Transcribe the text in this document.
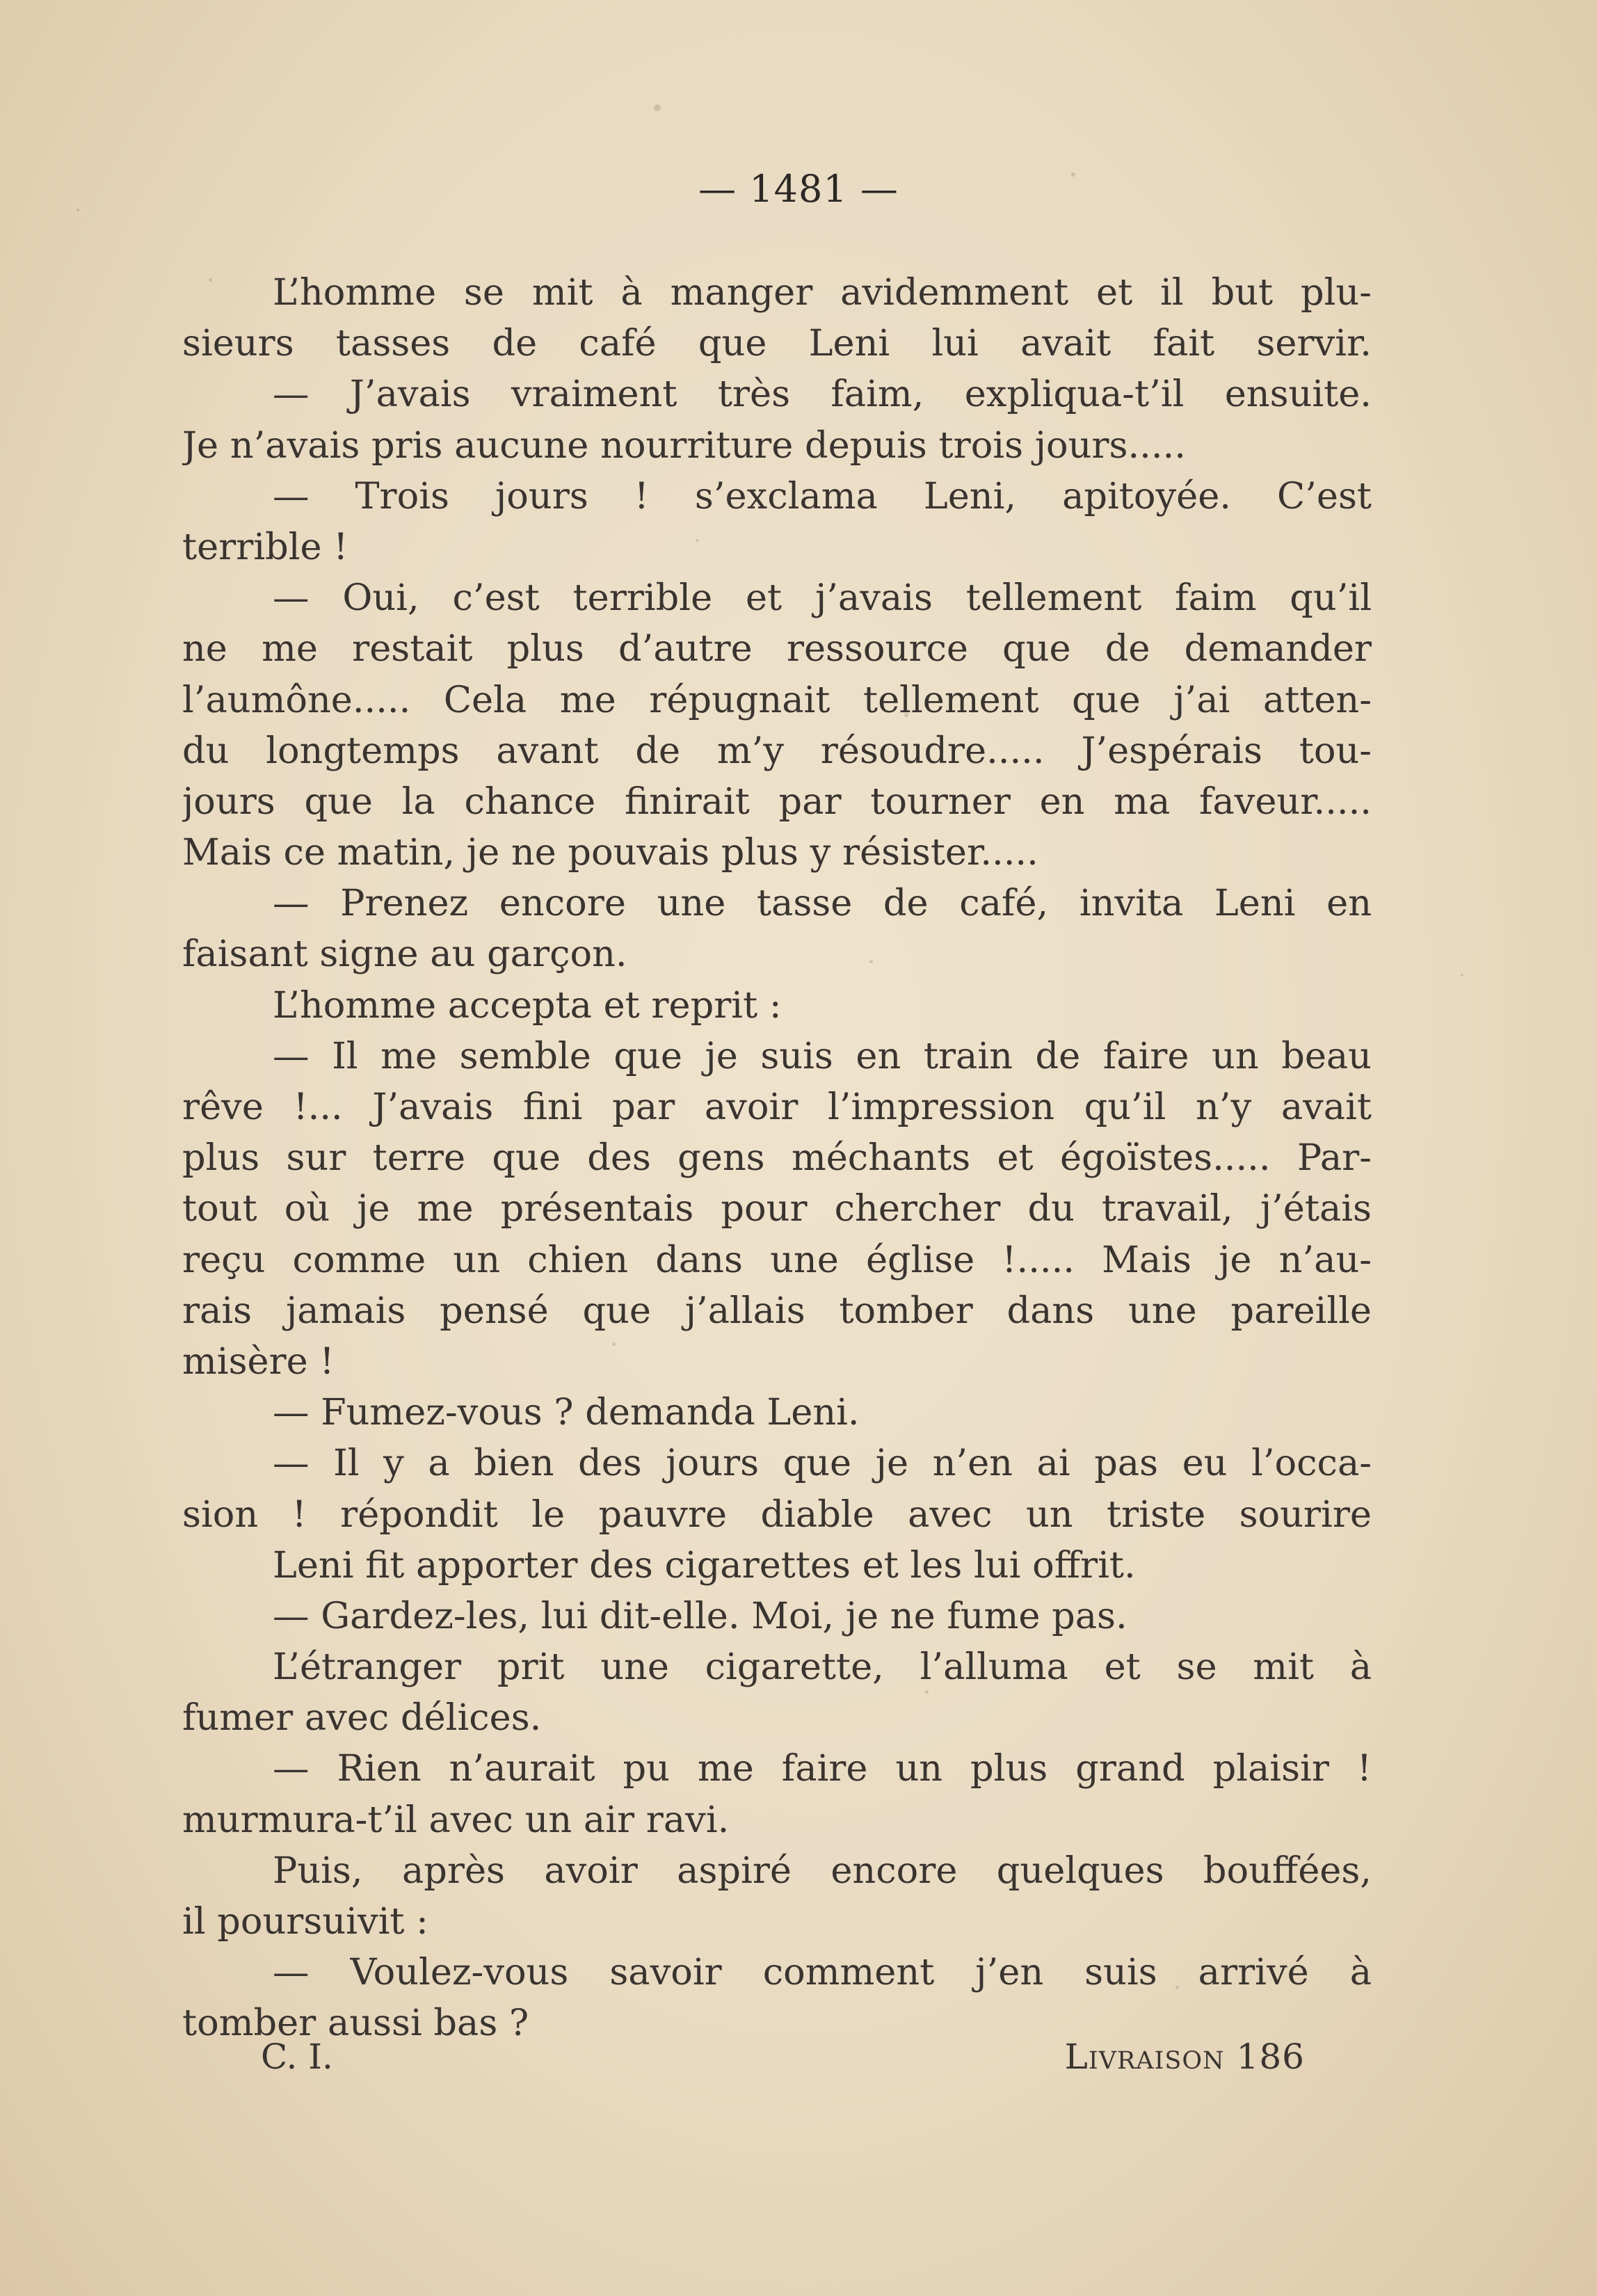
— 1481 —
L’homme se mit à manger avidemment et il but plu-
sieurs tasses de café que Leni lui avait fait servir.
— J’avais vraiment très faim, expliqua-t’il ensuite.
Je n’avais pris aucune nourriture depuis trois jours.....
— Trois jours ! s’exclama Leni, apitoyée. C’est
terrible !
— Oui, c’est terrible et j’avais tellement faim qu’il
ne me restait plus d’autre ressource que de demander
l’aumône..... Cela me répugnait tellement que j’ai atten-
du longtemps avant de m’y résoudre..... J’espérais tou-
jours que la chance finirait par tourner en ma faveur.....
Mais ce matin, je ne pouvais plus y résister.....
— Prenez encore une tasse de café, invita Leni en
faisant signe au garçon.
L’homme accepta et reprit :
— Il me semble que je suis en train de faire un beau
rêve !... J’avais fini par avoir l’impression qu’il n’y avait
plus sur terre que des gens méchants et égoïstes..... Par-
tout où je me présentais pour chercher du travail, j’étais
reçu comme un chien dans une église !..... Mais je n’au-
rais jamais pensé que j’allais tomber dans une pareille
misère !
— Fumez-vous ? demanda Leni.
— Il y a bien des jours que je n’en ai pas eu l’occa-
sion ! répondit le pauvre diable avec un triste sourire
Leni fit apporter des cigarettes et les lui offrit.
— Gardez-les, lui dit-elle. Moi, je ne fume pas.
L’étranger prit une cigarette, l’alluma et se mit à
fumer avec délices.
— Rien n’aurait pu me faire un plus grand plaisir !
murmura-t’il avec un air ravi.
Puis, après avoir aspiré encore quelques bouffées,
il poursuivit :
— Voulez-vous savoir comment j’en suis arrivé à
tomber aussi bas ?
C. I.	Livraison 186
